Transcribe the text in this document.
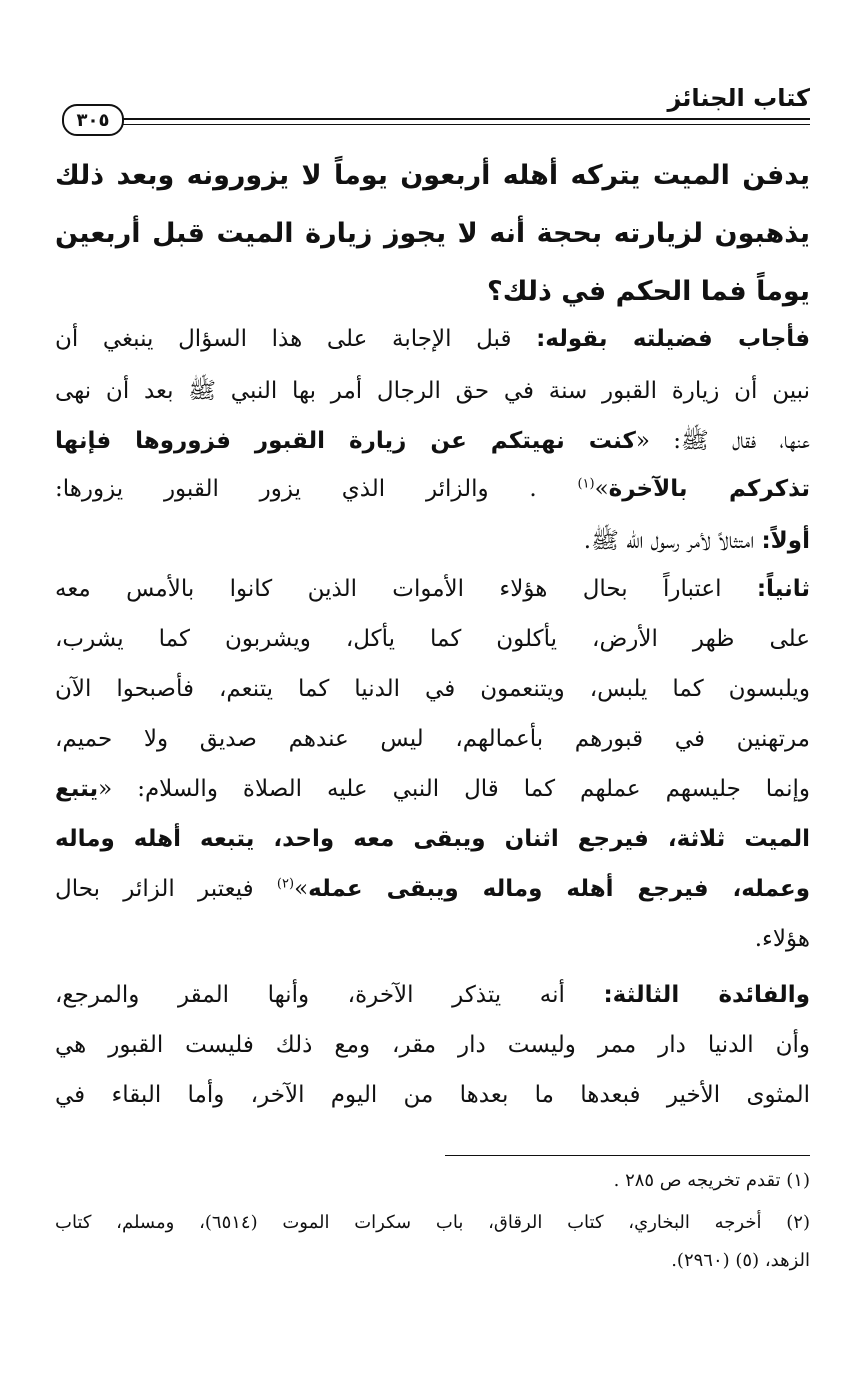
كتاب الجنائز
٣٠٥
يدفن الميت يتركه أهله أربعون يوماً لا يزورونه وبعد ذلك
يذهبون لزيارته بحجة أنه لا يجوز زيارة الميت قبل أربعين
يوماً فما الحكم في ذلك؟
فأجاب فضيلته بقوله: قبل الإجابة على هذا السؤال ينبغي أن
نبين أن زيارة القبور سنة في حق الرجال أمر بها النبي ﷺ بعد أن نهى
عنها، فقال ﷺ: «كنت نهيتكم عن زيارة القبور فزوروها فإنها
تذكركم بالآخرة»$^{(١)}$ . والزائر الذي يزور القبور يزورها:
أولاً: امتثالاً لأمر رسول الله ﷺ.
ثانياً: اعتباراً بحال هؤلاء الأموات الذين كانوا بالأمس معه
على ظهر الأرض، يأكلون كما يأكل، ويشربون كما يشرب،
ويلبسون كما يلبس، ويتنعمون في الدنيا كما يتنعم، فأصبحوا الآن
مرتهنين في قبورهم بأعمالهم، ليس عندهم صديق ولا حميم،
وإنما جليسهم عملهم كما قال النبي عليه الصلاة والسلام: «يتبع
الميت ثلاثة، فيرجع اثنان ويبقى معه واحد، يتبعه أهله وماله
وعمله، فيرجع أهله وماله ويبقى عمله»$^{(٢)}$ فيعتبر الزائر بحال
هؤلاء.
والفائدة الثالثة: أنه يتذكر الآخرة، وأنها المقر والمرجع،
وأن الدنيا دار ممر وليست دار مقر، ومع ذلك فليست القبور هي
المثوى الأخير فبعدها ما بعدها من اليوم الآخر، وأما البقاء في
(١) تقدم تخريجه ص ٢٨٥ .
(٢) أخرجه البخاري، كتاب الرقاق، باب سكرات الموت (٦٥١٤)، ومسلم، كتاب
الزهد، (٥) (٢٩٦٠).
